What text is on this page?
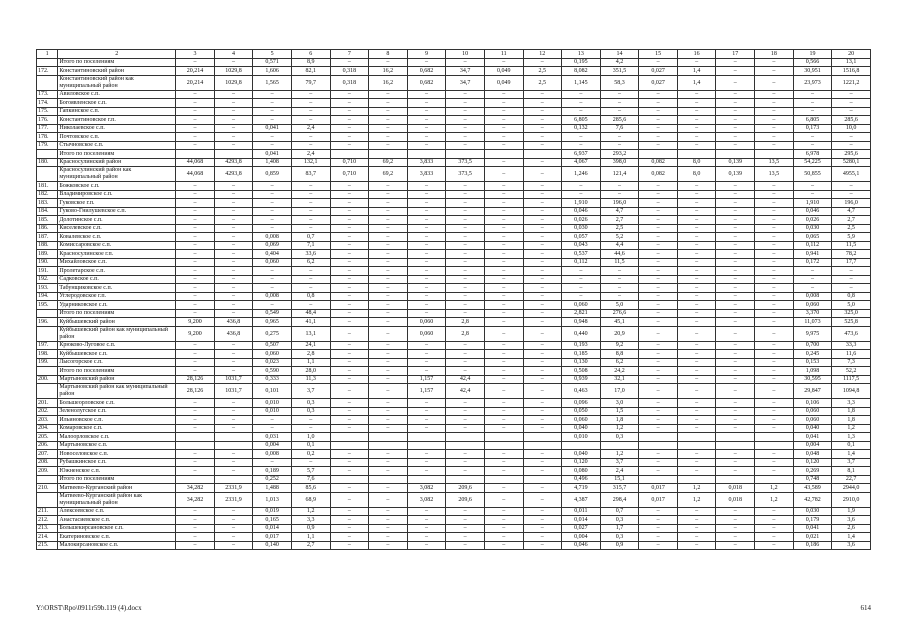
1	2	3	4	5	6	7	8	9	10	11	12	13	14	15	16	17	18	19	20
	Итого по поселениям	–	–	0,571	8,9	–	–	–	–	–	–	0,195	4,2	–	–	–	–	0,566	13,1
172.	Константиновский район	20,214	1029,8	1,606	82,1	0,318	16,2	0,682	34,7	0,049	2,5	8,082	351,5	0,027	1,4	–	–	30,951	1516,8
	Константиновский район как муниципальный район	20,214	1029,8	1,565	79,7	0,318	16,2	0,682	34,7	0,049	2,5	1,145	58,3	0,027	1,4	–	–	23,973	1221,2
173.	Авиловское с.п.	–	–	–	–	–	–	–	–	–	–	–	–	–	–	–	–	–	–
174.	Богоявленское с.п.	–	–	–	–	–	–	–	–	–	–	–	–	–	–	–	–	–	–
175.	Гапкинское с.п.	–	–	–	–	–	–	–	–	–	–	–	–	–	–	–	–	–	–
176.	Константиновское г.п.	–	–	–	–	–	–	–	–	–	–	6,805	285,6	–	–	–	–	6,805	285,6
177.	Николаевское с.п.	–	–	0,041	2,4	–	–	–	–	–	–	0,132	7,6	–	–	–	–	0,173	10,0
178.	Почтовское с.п.	–	–	–	–	–	–	–	–	–	–	–	–	–	–	–	–	–	–
179.	Стычновское с.п.	–	–	–	–	–	–	–	–	–	–	–	–	–	–	–	–	–	–
	Итого по поселениям			0,041	2,4							6,937	293,2					6,978	295,6
180.	Красносулинский район	44,068	4293,8	1,408	132,1	0,710	69,2	3,833	373,5	–	–	4,067	398,0	0,082	8,0	0,139	13,5	54,225	5280,1
	Красносулинский район как муниципальный район	44,068	4293,8	0,859	83,7	0,710	69,2	3,833	373,5	–	–	1,246	121,4	0,082	8,0	0,139	13,5	50,855	4955,1
181.	Божковское с.п.	–	–	–	–	–	–	–	–	–	–	–	–	–	–	–	–	–	–
182.	Владимировское с.п.	–	–	–	–	–	–	–	–	–	–	–	–	–	–	–	–	–	–
183.	Гуковское г.п.	–	–	–	–	–	–	–	–	–	–	1,910	196,0	–	–	–	–	1,910	196,0
184.	Гуково-Гнилушевское с.п.	–	–	–	–	–	–	–	–	–	–	0,046	4,7	–	–	–	–	0,046	4,7
185.	Долотинское с.п.	–	–	–	–	–	–	–	–	–	–	0,026	2,7	–	–	–	–	0,026	2,7
186.	Киселевское с.п.	–	–	–	–	–	–	–	–	–	–	0,030	2,5	–	–	–	–	0,030	2,5
187.	Ковалевское с.п.	–	–	0,008	0,7	–	–	–	–	–	–	0,057	5,2	–	–	–	–	0,065	5,9
188.	Комиссаровское с.п.	–	–	0,069	7,1	–	–	–	–	–	–	0,043	4,4	–	–	–	–	0,112	11,5
189.	Красносулинское г.п.	–	–	0,404	33,6	–	–	–	–	–	–	0,537	44,6	–	–	–	–	0,941	78,2
190.	Михайловское с.п.	–	–	0,060	6,2	–	–	–	–	–	–	0,112	11,5	–	–	–	–	0,172	17,7
191.	Пролетарское с.п.	–	–	–	–	–	–	–	–	–	–	–	–	–	–	–	–	–	–
192.	Садковское с.п.	–	–	–	–	–	–	–	–	–	–	–	–	–	–	–	–	–	–
193.	Табунщиковское с.п.	–	–	–	–	–	–	–	–	–	–	–	–	–	–	–	–	–	–
194.	Углеродовское г.п.	–	–	0,008	0,8	–	–	–	–	–	–	–	–	–	–	–	–	0,008	0,8
195.	Ударниковское с.п.	–	–	–	–	–	–	–	–	–	–	0,060	5,0	–	–	–	–	0,060	5,0
	Итого по поселениям	–	–	0,549	48,4	–	–	–	–	–	–	2,821	276,6	–	–	–	–	3,370	325,0
196.	Куйбышевский район	9,200	436,8	0,965	41,1	–	–	0,060	2,8	–	–	0,948	45,1	–	–	–	–	11,073	525,8
	Куйбышевский район как муниципальный район	9,200	436,8	0,275	13,1	–	–	0,060	2,8	–	–	0,440	20,9	–	–	–	–	9,975	473,6
197.	Крюково-Луговое с.п.	–	–	0,507	24,1	–	–	–	–	–	–	0,193	9,2	–	–	–	–	0,700	33,3
198.	Куйбышевское с.п.	–	–	0,060	2,8	–	–	–	–	–	–	0,185	8,8	–	–	–	–	0,245	11,6
199.	Лысогорское с.п.	–	–	0,023	1,1	–	–	–	–	–	–	0,130	6,2	–	–	–	–	0,153	7,3
	Итого по поселениям	–	–	0,590	28,0	–	–	–	–	–	–	0,508	24,2	–	–	–	–	1,098	52,2
200.	Мартыновский район	28,126	1031,7	0,333	11,3	–	–	1,157	42,4	–	–	0,939	32,1	–	–	–	–	30,595	1117,5
	Мартыновский район как муниципальный район	28,126	1031,7	0,101	3,7	–	–	1,157	42,4	–	–	0,463	17,0	–	–	–	–	29,847	1094,8
201.	Большеорловское с.п.	–	–	0,010	0,3	–	–	–	–	–	–	0,096	3,0	–	–	–	–	0,106	3,3
202.	Зеленолугское с.п.	–	–	0,010	0,3	–	–	–	–	–	–	0,050	1,5	–	–	–	–	0,060	1,8
203.	Ильиновское с.п.	–	–	–	–	–	–	–	–	–	–	0,060	1,8	–	–	–	–	0,060	1,8
204.	Комаровское с.п.	–	–	–	–	–	–	–	–	–	–	0,040	1,2	–	–	–	–	0,040	1,2
205.	Малоорловское с.п.			0,031	1,0							0,010	0,3					0,041	1,3
206.	Мартыновское с.п.			0,004	0,1													0,004	0,1
207.	Новоселовское с.п.	–	–	0,008	0,2	–	–	–	–	–	–	0,040	1,2	–	–	–	–	0,048	1,4
208.	Рубашкинское с.п.	–	–	–	–	–	–	–	–	–	–	0,120	3,7	–	–	–	–	0,120	3,7
209.	Южненское с.п.	–	–	0,189	5,7	–	–	–	–	–	–	0,080	2,4	–	–	–	–	0,269	8,1
	Итого по поселениям			0,252	7,6							0,496	15,1					0,748	22,7
210.	Матвеево-Курганский район	34,282	2331,9	1,488	85,6	–	–	3,082	209,6	–	–	4,719	315,7	0,017	1,2	0,018	1,2	43,589	2944,0
	Матвеево-Курганский район как муниципальный район	34,282	2331,9	1,013	68,9	–	–	3,082	209,6	–	–	4,387	298,4	0,017	1,2	0,018	1,2	42,782	2910,0
211.	Алексеевское с.п.	–	–	0,019	1,2	–	–	–	–	–	–	0,011	0,7	–	–	–	–	0,030	1,9
212.	Анастасиевское с.п.	–	–	0,165	3,3	–	–	–	–	–	–	0,014	0,3	–	–	–	–	0,179	3,6
213.	Большекирсановское с.п.	–	–	0,014	0,9	–	–	–	–	–	–	0,027	1,7	–	–	–	–	0,041	2,6
214.	Екатериновское с.п.	–	–	0,017	1,1	–	–	–	–	–	–	0,004	0,3	–	–	–	–	0,021	1,4
215.	Малокирсановское с.п.	–	–	0,140	2,7	–	–	–	–	–	–	0,046	0,9	–	–	–	–	0,186	3,6
Y:\ORST\Rpo\0911r59b.119 (4).docx	614
